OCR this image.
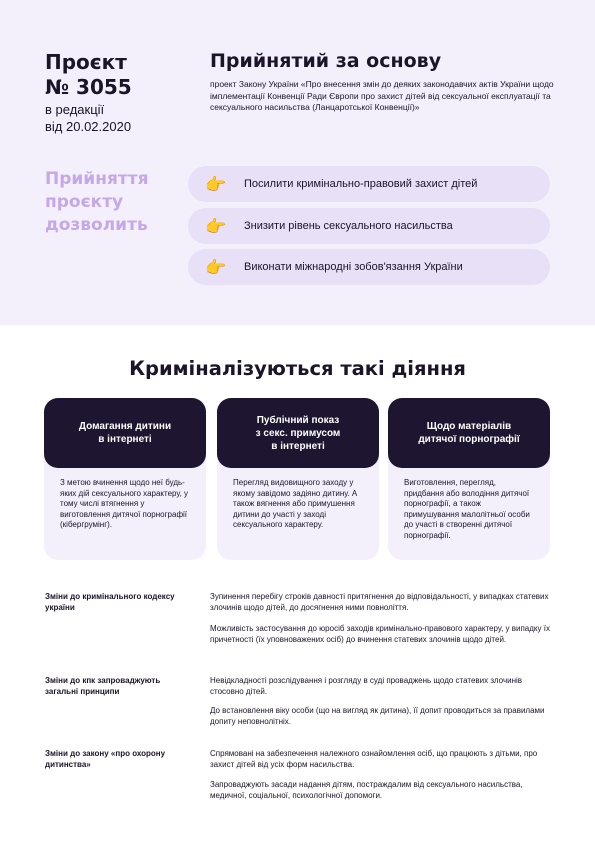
Проєкт
№ 3055
в редакції
від 20.02.2020
Прийнятий за основу
проект Закону України «Про внесення змін до деяких законодавчих актів України щодо імплементації Конвенції Ради Європи про захист дітей від сексуальної експлуатації та сексуального насильства (Ланцаротської Конвенції)»
Прийняття
проєкту
дозволить
👉	Посилити кримінально-правовий захист дітей
👉	Знизити рівень сексуального насильства
👉	Виконати міжнародні зобов'язання України
Криміналізуються такі діяння
Домагання дитини
в інтернеті
З метою вчинення щодо неї будь-яких дій сексуального характеру, у тому числі втягнення у виготовлення дитячої порнографії (кібергрумінг).
Публічний показ
з секс. примусом
в інтернеті
Перегляд видовищного заходу у якому завідомо задіяно дитину. А також вягнення або примушення дитини до участі у заході сексуального характеру.
Щодо матеріалів
дитячої порнографії
Виготовлення, перегляд, придбання або володіння дитячої порнографії, а також примушування малолітньої особи до участі в створенні дитячої порнографії.
Зміни до кримінального кодексу україни
Зупинення перебігу строків давності притягнення до відповідальності, у випадках статевих злочинів щодо дітей, до досягнення ними повноліття.
Можливість застосування до юросіб заходів кримінально-правового характеру, у випадку їх причетності (їх уповноважених осіб) до вчинення статевих злочинів щодо дітей.
Зміни до кпк запроваджують загальні принципи
Невідкладності розслідування і розгляду в суді проваджень щодо статевих злочинів стосовно дітей.
До встановлення віку особи (що на вигляд як дитина), її допит проводиться за правилами допиту неповнолітніх.
Зміни до закону «про охорону дитинства»
Спрямовані на забезпечення належного ознайомлення осіб, що працюють з дітьми, про захист дітей від усіх форм насильства.
Запроваджують засади надання дітям, постраждалим від сексуального насильства, медичної, соціальної, психологічної допомоги.
